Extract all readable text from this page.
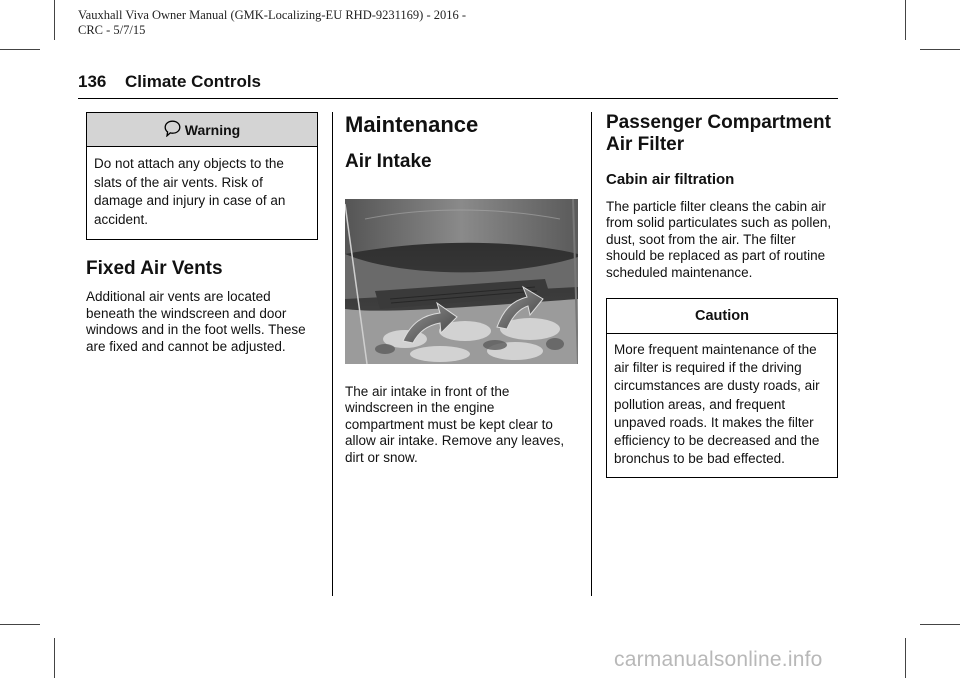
Vauxhall Viva Owner Manual (GMK-Localizing-EU RHD-9231169) - 2016 -
CRC - 5/7/15
136 Climate Controls
Warning

Do not attach any objects to the slats of the air vents. Risk of damage and injury in case of an accident.

Fixed Air Vents

Additional air vents are located beneath the windscreen and door windows and in the foot wells. These are fixed and cannot be adjusted.

Maintenance
Air Intake

The air intake in front of the windscreen in the engine compartment must be kept clear to allow air intake. Remove any leaves, dirt or snow.

Passenger Compartment Air Filter
Cabin air filtration

The particle filter cleans the cabin air from solid particulates such as pollen, dust, soot from the air. The filter should be replaced as part of routine scheduled maintenance.

Caution
More frequent maintenance of the air filter is required if the driving circumstances are dusty roads, air pollution areas, and frequent unpaved roads. It makes the filter efficiency to be decreased and the bronchus to be bad effected.
carmanualsonline.info
